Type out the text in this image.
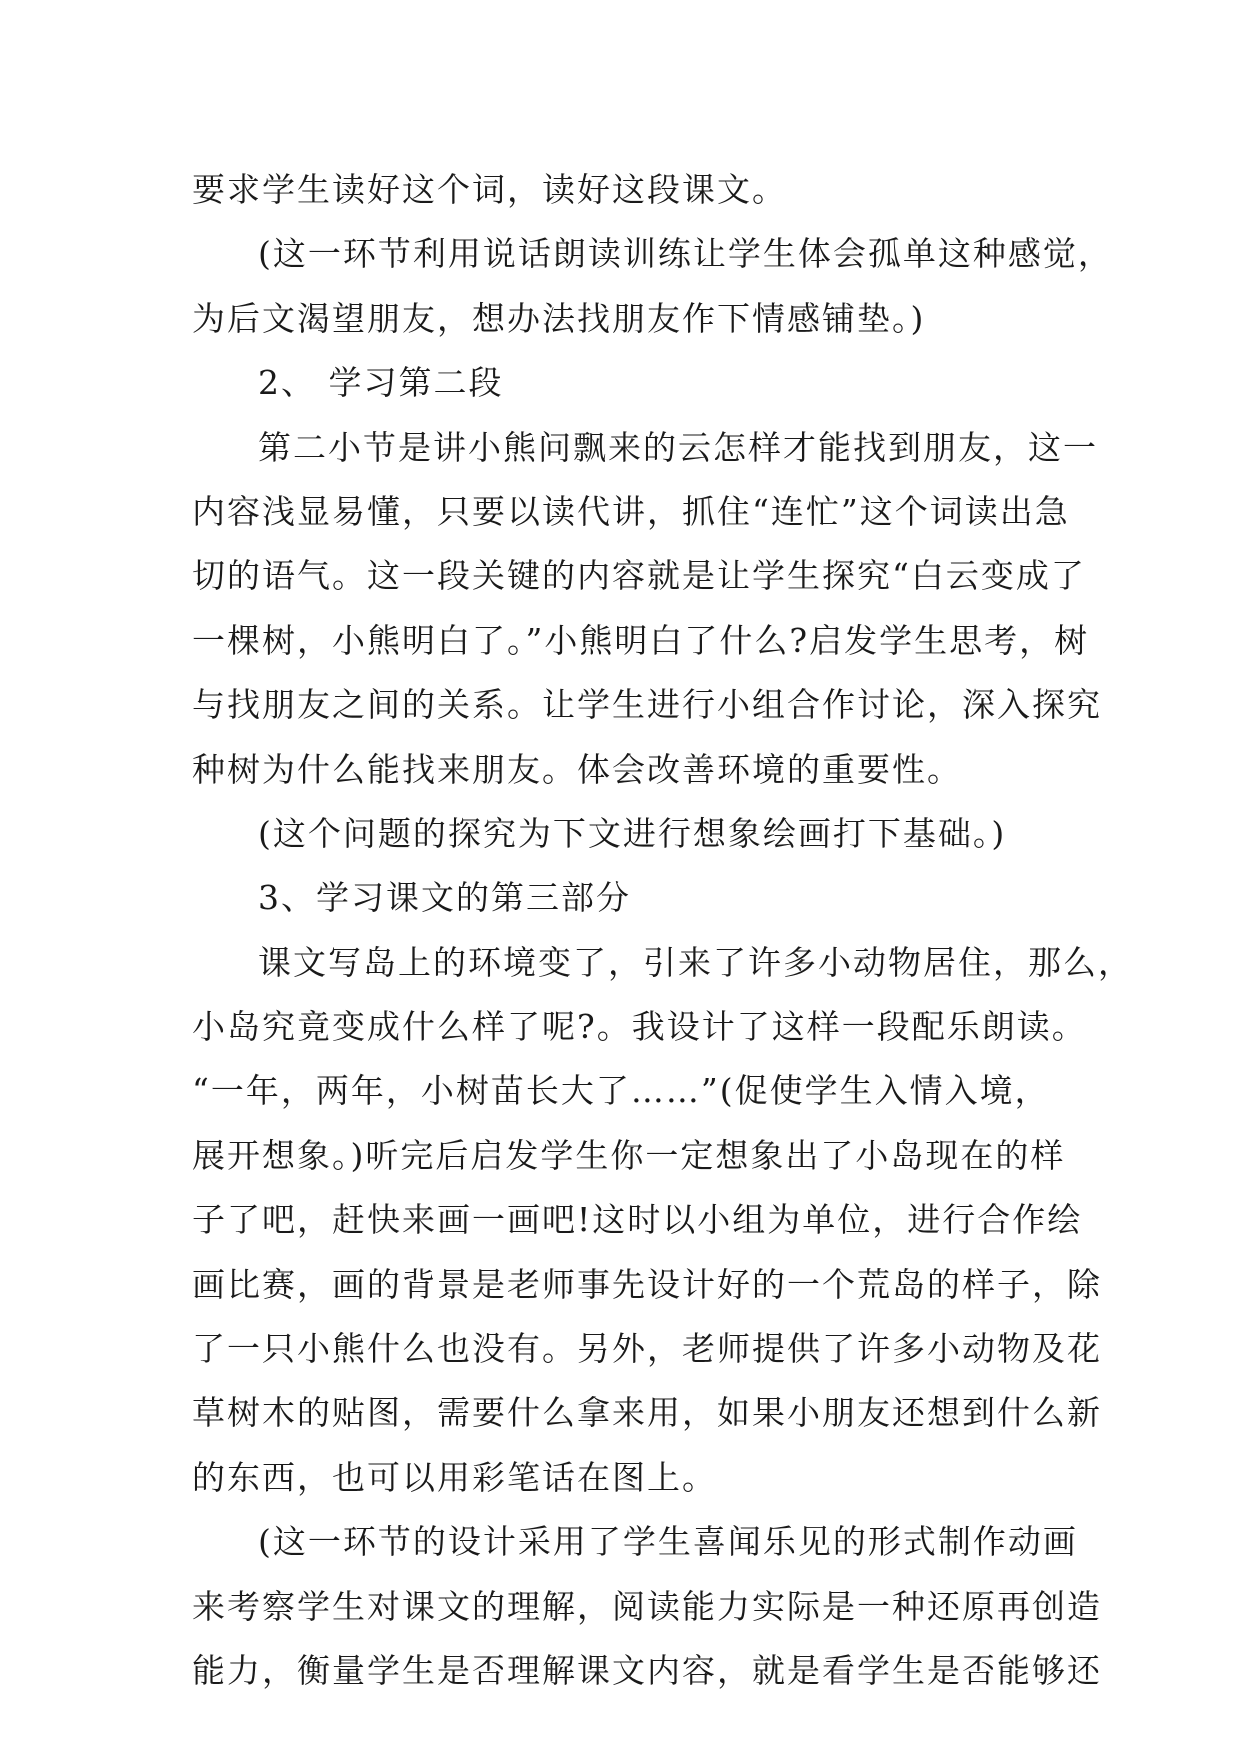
要求学生读好这个词，读好这段课文。
(这一环节利用说话朗读训练让学生体会孤单这种感觉，
为后文渴望朋友，想办法找朋友作下情感铺垫。)
2、 学习第二段
第二小节是讲小熊问飘来的云怎样才能找到朋友，这一
内容浅显易懂，只要以读代讲，抓住“连忙”这个词读出急
切的语气。这一段关键的内容就是让学生探究“白云变成了
一棵树，小熊明白了。”小熊明白了什么?启发学生思考，树
与找朋友之间的关系。让学生进行小组合作讨论，深入探究
种树为什么能找来朋友。体会改善环境的重要性。
(这个问题的探究为下文进行想象绘画打下基础。)
3、学习课文的第三部分
课文写岛上的环境变了，引来了许多小动物居住，那么，
小岛究竟变成什么样了呢?。我设计了这样一段配乐朗读。
“一年，两年，小树苗长大了……”(促使学生入情入境，
展开想象。)听完后启发学生你一定想象出了小岛现在的样
子了吧，赶快来画一画吧!这时以小组为单位，进行合作绘
画比赛，画的背景是老师事先设计好的一个荒岛的样子，除
了一只小熊什么也没有。另外，老师提供了许多小动物及花
草树木的贴图，需要什么拿来用，如果小朋友还想到什么新
的东西，也可以用彩笔话在图上。
(这一环节的设计采用了学生喜闻乐见的形式制作动画
来考察学生对课文的理解，阅读能力实际是一种还原再创造
能力，衡量学生是否理解课文内容，就是看学生是否能够还
